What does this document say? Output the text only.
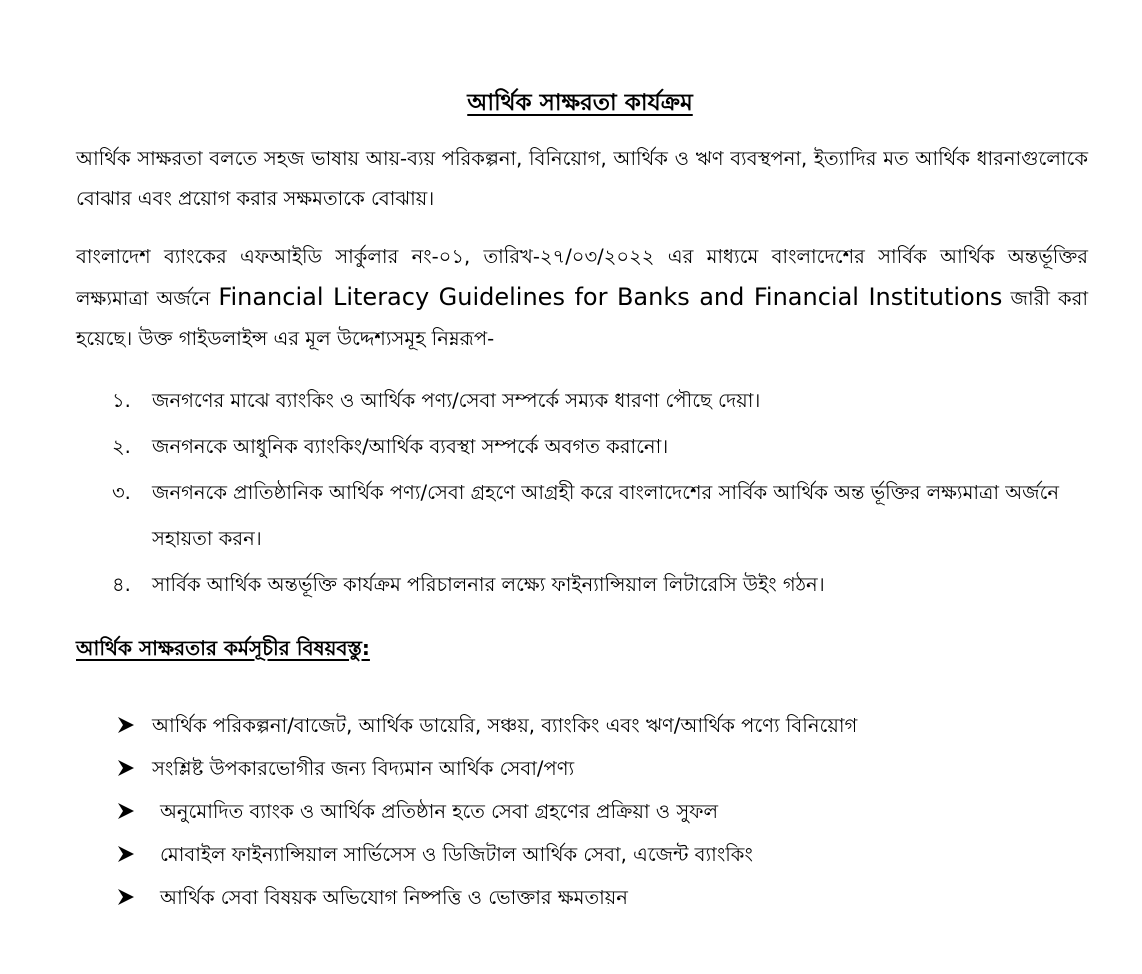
আর্থিক সাক্ষরতা কার্যক্রম

আর্থিক সাক্ষরতা বলতে সহজ ভাষায় আয়-ব্যয় পরিকল্পনা, বিনিয়োগ, আর্থিক ও ঋণ ব্যবস্থপনা, ইত্যাদির মত আর্থিক ধারনাগুলোকে বোঝার এবং প্রয়োগ করার সক্ষমতাকে বোঝায়।

বাংলাদেশ ব্যাংকের এফআইডি সার্কুলার নং-০১, তারিখ-২৭/০৩/২০২২ এর মাধ্যমে বাংলাদেশের সার্বিক আর্থিক অন্তর্ভূক্তির লক্ষ্যমাত্রা অর্জনে Financial Literacy Guidelines for Banks and Financial Institutions জারী করা হয়েছে। উক্ত গাইডলাইন্স এর মূল উদ্দেশ্যসমূহ নিম্নরূপ-

১. জনগণের মাঝে ব্যাংকিং ও আর্থিক পণ্য/সেবা সম্পর্কে সম্যক ধারণা পৌছে দেয়া।
২. জনগনকে আধুনিক ব্যাংকিং/আর্থিক ব্যবস্থা সম্পর্কে অবগত করানো।
৩. জনগনকে প্রাতিষ্ঠানিক আর্থিক পণ্য/সেবা গ্রহণে আগ্রহী করে বাংলাদেশের সার্বিক আর্থিক অন্ত র্ভূক্তির লক্ষ্যমাত্রা অর্জনে সহায়তা করন।
৪. সার্বিক আর্থিক অন্তর্ভূক্তি কার্যক্রম পরিচালনার লক্ষ্যে ফাইন্যান্সিয়াল লিটারেসি উইং গঠন।
আর্থিক সাক্ষরতার কর্মসূচীর বিষয়বস্তু:
আর্থিক পরিকল্পনা/বাজেট, আর্থিক ডায়েরি, সঞ্চয়, ব্যাংকিং এবং ঋণ/আর্থিক পণ্যে বিনিয়োগ
সংশ্লিষ্ট উপকারভোগীর জন্য বিদ্যমান আর্থিক সেবা/পণ্য
অনুমোদিত ব্যাংক ও আর্থিক প্রতিষ্ঠান হতে সেবা গ্রহণের প্রক্রিয়া ও সুফল
মোবাইল ফাইন্যান্সিয়াল সার্ভিসেস ও ডিজিটাল আর্থিক সেবা, এজেন্ট ব্যাংকিং
আর্থিক সেবা বিষয়ক অভিযোগ নিষ্পত্তি ও ভোক্তার ক্ষমতায়ন
